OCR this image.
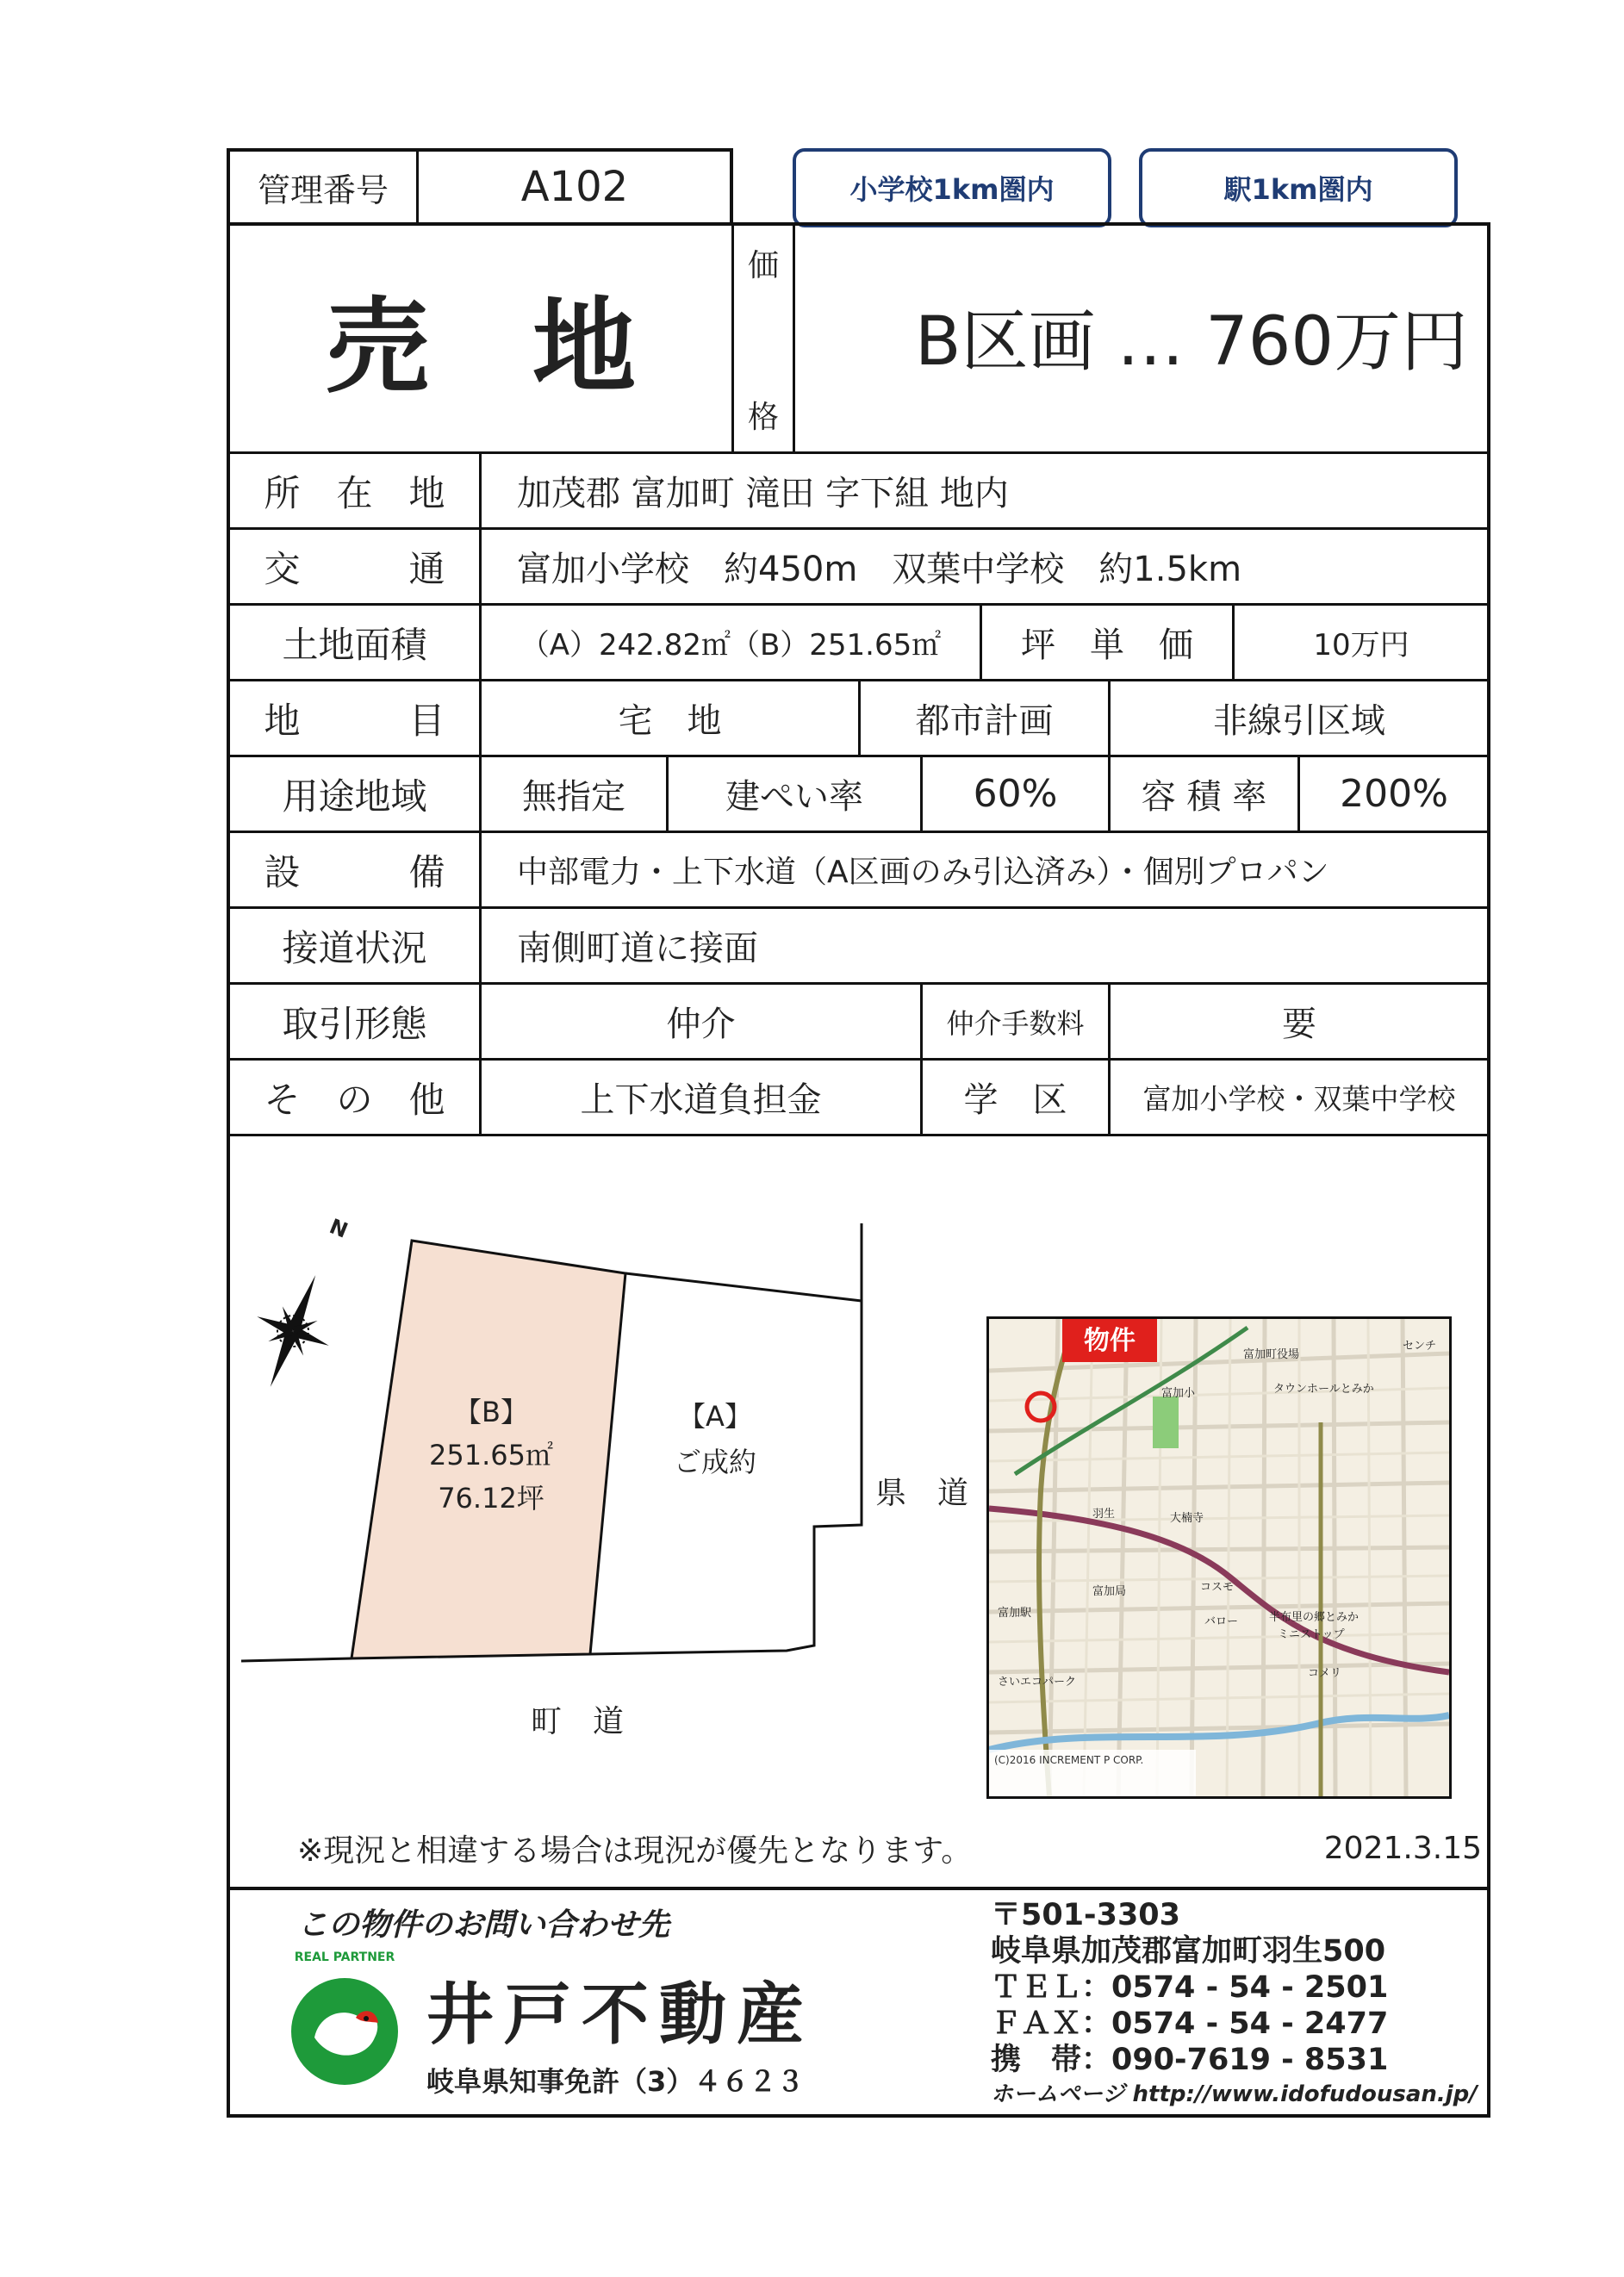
管理番号	A102	小学校1km圏内	駅1km圏内
売　地
価
格
B区画 … 760万円
所　在　地	加茂郡 富加町 滝田 字下組 地内
交　　　通	富加小学校　約450m　双葉中学校　約1.5km
土地面積	（A）242.82㎡（B）251.65㎡	坪　単　価	10万円
地　　　目	宅　地	都市計画	非線引区域
用途地域	無指定	建ぺい率	60%	容 積 率	200%
設　　　備	中部電力・上下水道（A区画のみ引込済み）・個別プロパン
接道状況	南側町道に接面
取引形態	仲介	仲介手数料	要
そ　の　他	上下水道負担金	学　区	富加小学校・双葉中学校
N
【B】
251.65㎡
76.12坪
【A】
ご成約
県　道
町　道
物件	富加町役場
タウンホールとみか
富加局
羽生	大楠寺
コスモ
バロー	半布里の郷とみか
ミニストップ
コメリ
富加駅
さいエコパーク
センチ
富加小
(C)2016 INCREMENT P CORP.
※現況と相違する場合は現況が優先となります。	2021.3.15
この物件のお問い合わせ先
REAL PARTNER
井戸不動産
岐阜県知事免許（3）４６２３
〒501-3303
岐阜県加茂郡富加町羽生500
ＴＥＬ：0574 - 54 - 2501
ＦＡＸ：0574 - 54 - 2477
携　帯：090-7619 - 8531
ホームページ http://www.idofudousan.jp/
